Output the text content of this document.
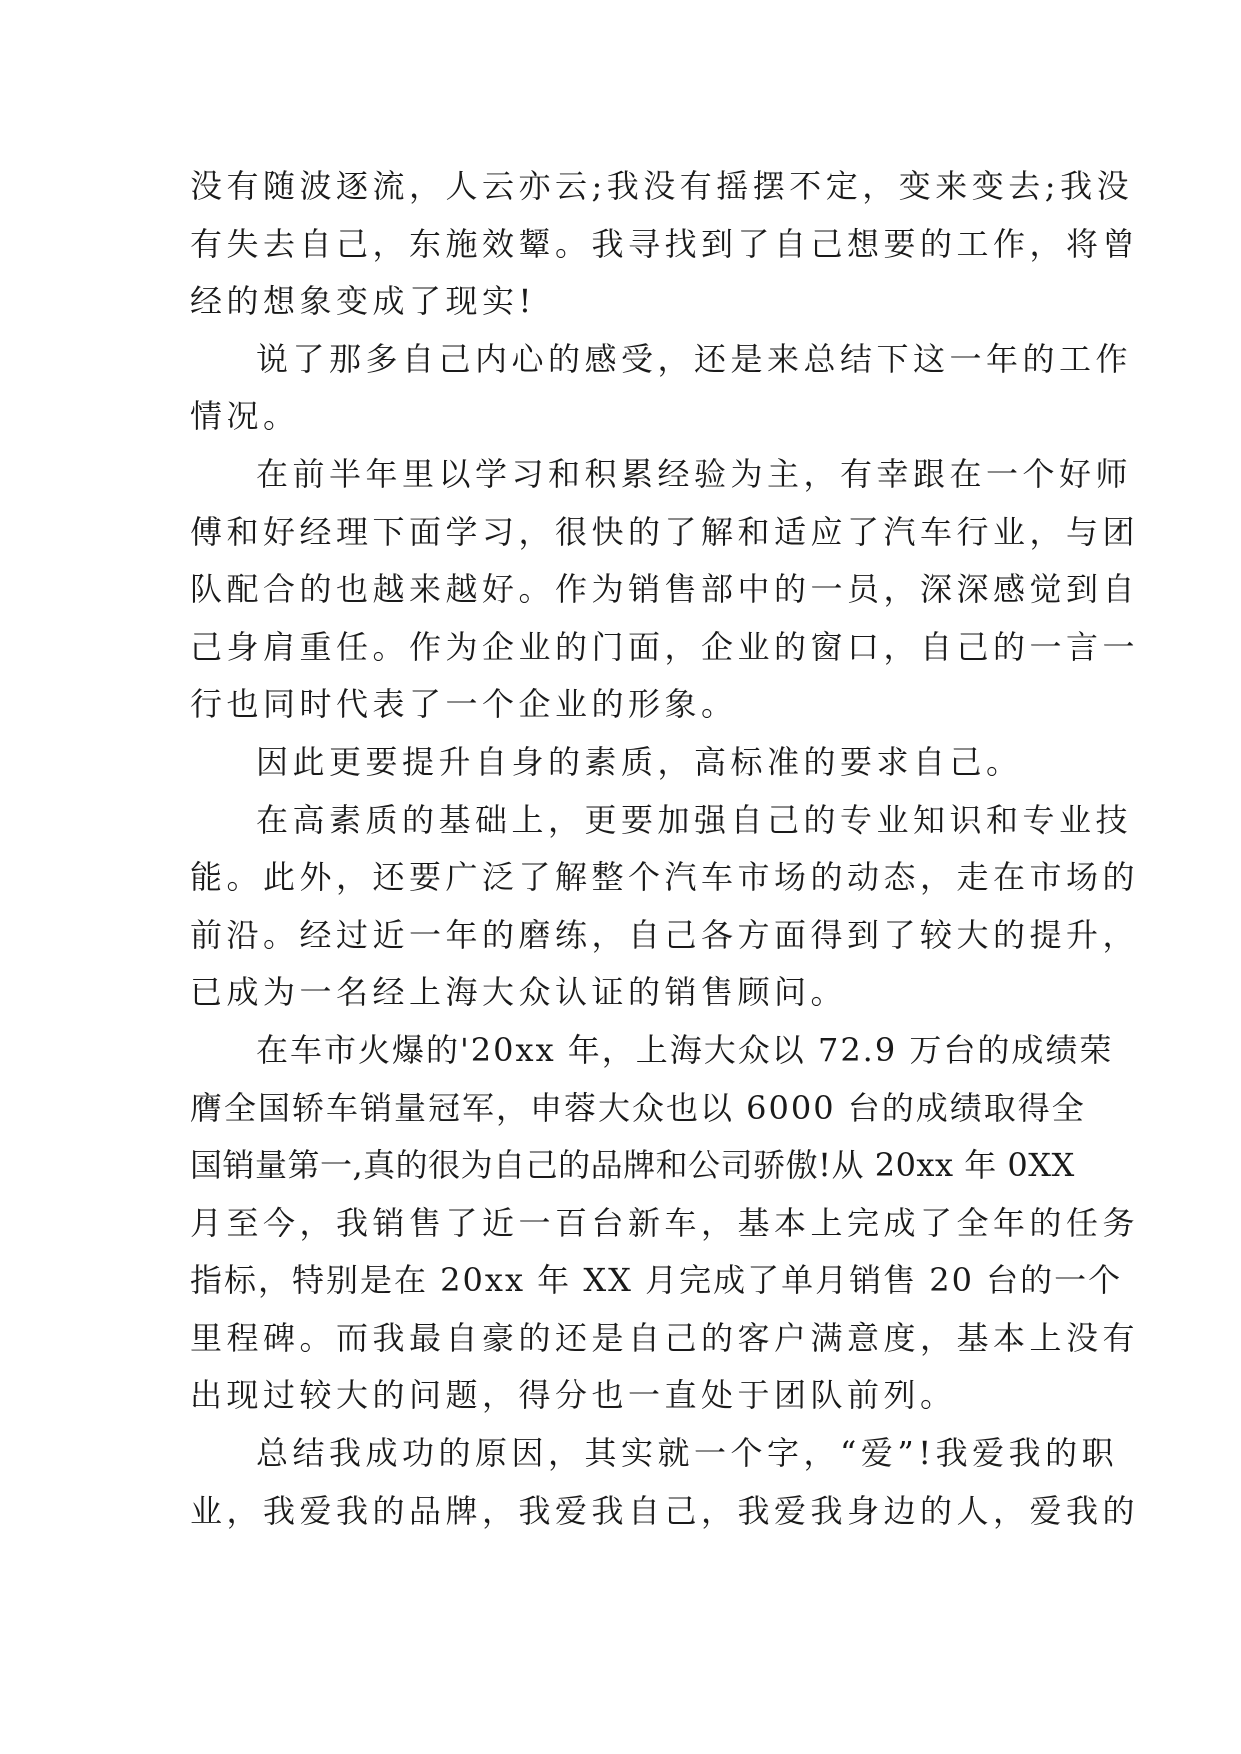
没有随波逐流，人云亦云;我没有摇摆不定，变来变去;我没
有失去自己，东施效颦。我寻找到了自己想要的工作，将曾
经的想象变成了现实!
说了那多自己内心的感受，还是来总结下这一年的工作
情况。
在前半年里以学习和积累经验为主，有幸跟在一个好师
傅和好经理下面学习，很快的了解和适应了汽车行业，与团
队配合的也越来越好。作为销售部中的一员，深深感觉到自
己身肩重任。作为企业的门面，企业的窗口，自己的一言一
行也同时代表了一个企业的形象。
因此更要提升自身的素质，高标准的要求自己。
在高素质的基础上，更要加强自己的专业知识和专业技
能。此外，还要广泛了解整个汽车市场的动态，走在市场的
前沿。经过近一年的磨练，自己各方面得到了较大的提升，
已成为一名经上海大众认证的销售顾问。
在车市火爆的'20xx 年，上海大众以 72.9 万台的成绩荣
膺全国轿车销量冠军，申蓉大众也以 6000 台的成绩取得全
国销量第一,真的很为自己的品牌和公司骄傲!从 20xx 年 0XX
月至今，我销售了近一百台新车，基本上完成了全年的任务
指标，特别是在 20xx 年 XX 月完成了单月销售 20 台的一个
里程碑。而我最自豪的还是自己的客户满意度，基本上没有
出现过较大的问题，得分也一直处于团队前列。
总结我成功的原因，其实就一个字，“爱”!我爱我的职
业，我爱我的品牌，我爱我自己，我爱我身边的人，爱我的
